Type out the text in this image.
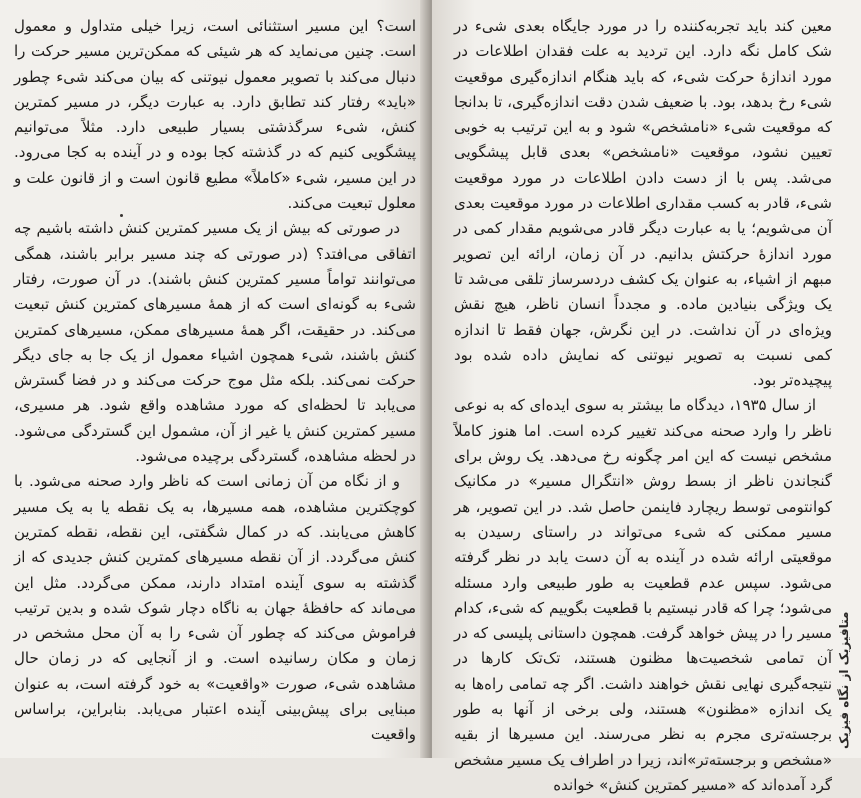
است؟ این مسیر استثنائی است، زیرا خیلی متداول و معمول است. چنین می‌نماید که هر شیئی که ممکن‌ترین مسیر حرکت را دنبال می‌کند با تصویر معمول نیوتنی که بیان می‌کند شیء چطور «باید» رفتار کند تطابق دارد. به عبارت دیگر، در مسیر کمترین کنش، شیء سرگذشتی بسیار طبیعی دارد. مثلاً می‌توانیم پیشگویی کنیم که در گذشته کجا بوده و در آینده به کجا می‌رود. در این مسیر، شیء «کاملاً» مطیع قانون است و از قانون علت و معلول تبعیت می‌کند.

در صورتی که بیش از یک مسیر کمترین کنش داشته باشیم چه اتفاقی می‌افتد؟ (در صورتی که چند مسیر برابر باشند، همگی می‌توانند تواماً مسیر کمترین کنش باشند). در آن صورت، رفتار شیء به گونه‌ای است که از همهٔ مسیرهای کمترین کنش تبعیت می‌کند. در حقیقت، اگر همهٔ مسیرهای ممکن، مسیرهای کمترین کنش باشند، شیء همچون اشیاء معمول از یک جا به جای دیگر حرکت نمی‌کند. بلکه مثل موج حرکت می‌کند و در فضا گسترش می‌یابد تا لحظه‌ای که مورد مشاهده واقع شود. هر مسیری، مسیر کمترین کنش یا غیر از آن، مشمول این گستردگی می‌شود. در لحظه مشاهده، گستردگی برچیده می‌شود.

و از نگاه من آن زمانی است که ناظر وارد صحنه می‌شود. با کوچکترین مشاهده، همه مسیرها، به یک نقطه یا به یک مسیر کاهش می‌یابند. که در کمال شگفتی، این نقطه، نقطه کمترین کنش می‌گردد. از آن نقطه مسیرهای کمترین کنش جدیدی که از گذشته به سوی آینده امتداد دارند، ممکن می‌گردد. مثل این می‌ماند که حافظهٔ جهان به ناگاه دچار شوک شده و بدین ترتیب فراموش می‌کند که چطور آن شیء را به آن محل مشخص در زمان و مکان رسانیده است. و از آنجایی که در زمان حال مشاهده شیء، صورت «واقعیت» به خود گرفته است، به عنوان مبنایی برای پیش‌بینی آینده اعتبار می‌یابد. بنابراین، براساس واقعیت

معین کند باید تجربه‌کننده را در مورد جایگاه بعدی شیء در شک کامل نگه دارد. این تردید به علت فقدان اطلاعات در مورد اندازهٔ حرکت شیء، که باید هنگام اندازه‌گیری موقعیت شیء رخ بدهد، بود. با ضعیف شدن دقت اندازه‌گیری، تا بدانجا که موقعیت شیء «نامشخص» شود و به این ترتیب به خوبی تعیین نشود، موقعیت «نامشخص» بعدی قابل پیشگویی می‌شد. پس با از دست دادن اطلاعات در مورد موقعیت شیء، قادر به کسب مقداری اطلاعات در مورد موقعیت بعدی آن می‌شویم؛ یا به عبارت دیگر قادر می‌شویم مقدار کمی در مورد اندازهٔ حرکتش بدانیم. در آن زمان، ارائه این تصویر مبهم از اشیاء، به عنوان یک کشف دردسرساز تلقی می‌شد تا یک ویژگی بنیادین ماده. و مجدداً انسان ناظر، هیچ نقش ویژه‌ای در آن نداشت. در این نگرش، جهان فقط تا اندازه کمی نسبت به تصویر نیوتنی که نمایش داده شده بود پیچیده‌تر بود.

از سال ۱۹۳۵، دیدگاه ما بیشتر به سوی ایده‌ای که به نوعی ناظر را وارد صحنه می‌کند تغییر کرده است. اما هنوز کاملاً مشخص نیست که این امر چگونه رخ می‌دهد. یک روش برای گنجاندن ناظر از بسط روش «انتگرال مسیر» در مکانیک کوانتومی توسط ریچارد فاینمن حاصل شد. در این تصویر، هر مسیر ممکنی که شیء می‌تواند در راستای رسیدن به موقعیتی ارائه شده در آینده به آن دست یابد در نظر گرفته می‌شود. سپس عدم قطعیت به طور طبیعی وارد مسئله می‌شود؛ چرا که قادر نیستیم با قطعیت بگوییم که شیء، کدام مسیر را در پیش خواهد گرفت. همچون داستانی پلیسی که در آن تمامی شخصیت‌ها مظنون هستند، تک‌تک کارها در نتیجه‌گیری نهایی نقش خواهند داشت. اگر چه تمامی راه‌ها به یک اندازه «مظنون» هستند، ولی برخی از آنها به طور برجسته‌تری مجرم به نظر می‌رسند. این مسیرها از بقیه «مشخص و برجسته‌تر»‌اند، زیرا در اطراف یک مسیر مشخص گرد آمده‌اند که «مسیر کمترین کنش» خوانده

متافیزیک از نگاه فیزیک
